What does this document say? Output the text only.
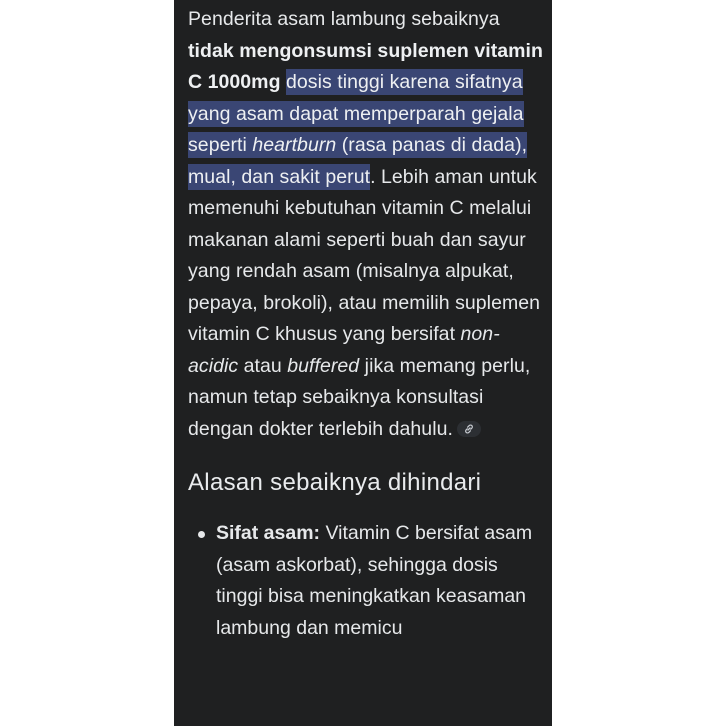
Penderita asam lambung sebaiknya tidak mengonsumsi suplemen vitamin C 1000mg dosis tinggi karena sifatnya yang asam dapat memperparah gejala seperti heartburn (rasa panas di dada), mual, dan sakit perut. Lebih aman untuk memenuhi kebutuhan vitamin C melalui makanan alami seperti buah dan sayur yang rendah asam (misalnya alpukat, pepaya, brokoli), atau memilih suplemen vitamin C khusus yang bersifat non-acidic atau buffered jika memang perlu, namun tetap sebaiknya konsultasi dengan dokter terlebih dahulu.

Alasan sebaiknya dihindari
Sifat asam: Vitamin C bersifat asam (asam askorbat), sehingga dosis tinggi bisa meningkatkan keasaman lambung dan memicu
